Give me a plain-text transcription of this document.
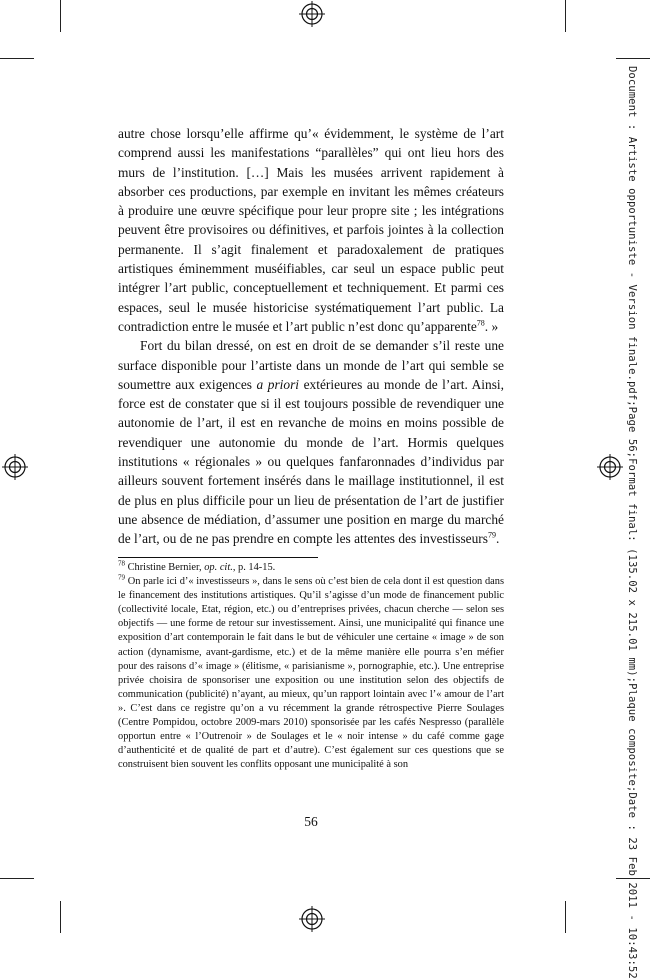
Document : Artiste opportuniste - Version finale.pdf;Page 56;Format final: (135.02 x 215.01 mm);Plaque composite;Date : 23 Feb 2011 - 10:43:52

autre chose lorsqu’elle affirme qu’« évidemment, le système de l’art comprend aussi les manifestations “parallèles” qui ont lieu hors des murs de l’institution. […] Mais les musées arrivent rapidement à absorber ces productions, par exemple en invitant les mêmes créateurs à produire une œuvre spécifique pour leur propre site ; les intégrations peuvent être provisoires ou définitives, et parfois jointes à la collection permanente. Il s’agit finalement et paradoxalement de pratiques artistiques éminemment muséifiables, car seul un espace public peut intégrer l’art public, conceptuellement et techniquement. Et parmi ces espaces, seul le musée historicise systématiquement l’art public. La contradiction entre le musée et l’art public n’est donc qu’apparente$^{78}$. »

Fort du bilan dressé, on est en droit de se demander s’il reste une surface disponible pour l’artiste dans un monde de l’art qui semble se soumettre aux exigences a priori extérieures au monde de l’art. Ainsi, force est de constater que si il est toujours possible de revendiquer une autonomie de l’art, il est en revanche de moins en moins possible de revendiquer une autonomie du monde de l’art. Hormis quelques institutions « régionales » ou quelques fanfaronnades d’individus par ailleurs souvent fortement insérés dans le maillage institutionnel, il est de plus en plus difficile pour un lieu de présentation de l’art de justifier une absence de médiation, d’assumer une position en marge du marché de l’art, ou de ne pas prendre en compte les attentes des investisseurs$^{79}$.

$^{78}$ Christine Bernier, op. cit., p. 14-15.

$^{79}$ On parle ici d’« investisseurs », dans le sens où c’est bien de cela dont il est question dans le financement des institutions artistiques. Qu’il s’agisse d’un mode de financement public (collectivité locale, Etat, région, etc.) ou d’entreprises privées, chacun cherche — selon ses objectifs — une forme de retour sur investissement. Ainsi, une municipalité qui finance une exposition d’art contemporain le fait dans le but de véhiculer une certaine « image » de son action (dynamisme, avant-gardisme, etc.) et de la même manière elle pourra s’en méfier pour des raisons d’« image » (élitisme, « parisianisme », pornographie, etc.). Une entreprise privée choisira de sponsoriser une exposition ou une institution selon des objectifs de communication (publicité) n’ayant, au mieux, qu’un rapport lointain avec l’« amour de l’art ». C’est dans ce registre qu’on a vu récemment la grande rétrospective Pierre Soulages (Centre Pompidou, octobre 2009-mars 2010) sponsorisée par les cafés Nespresso (parallèle opportun entre « l’Outrenoir » de Soulages et le « noir intense » du café comme gage d’authenticité et de qualité de part et d’autre). C’est également sur ces questions que se construisent bien souvent les conflits opposant une municipalité à son

56
